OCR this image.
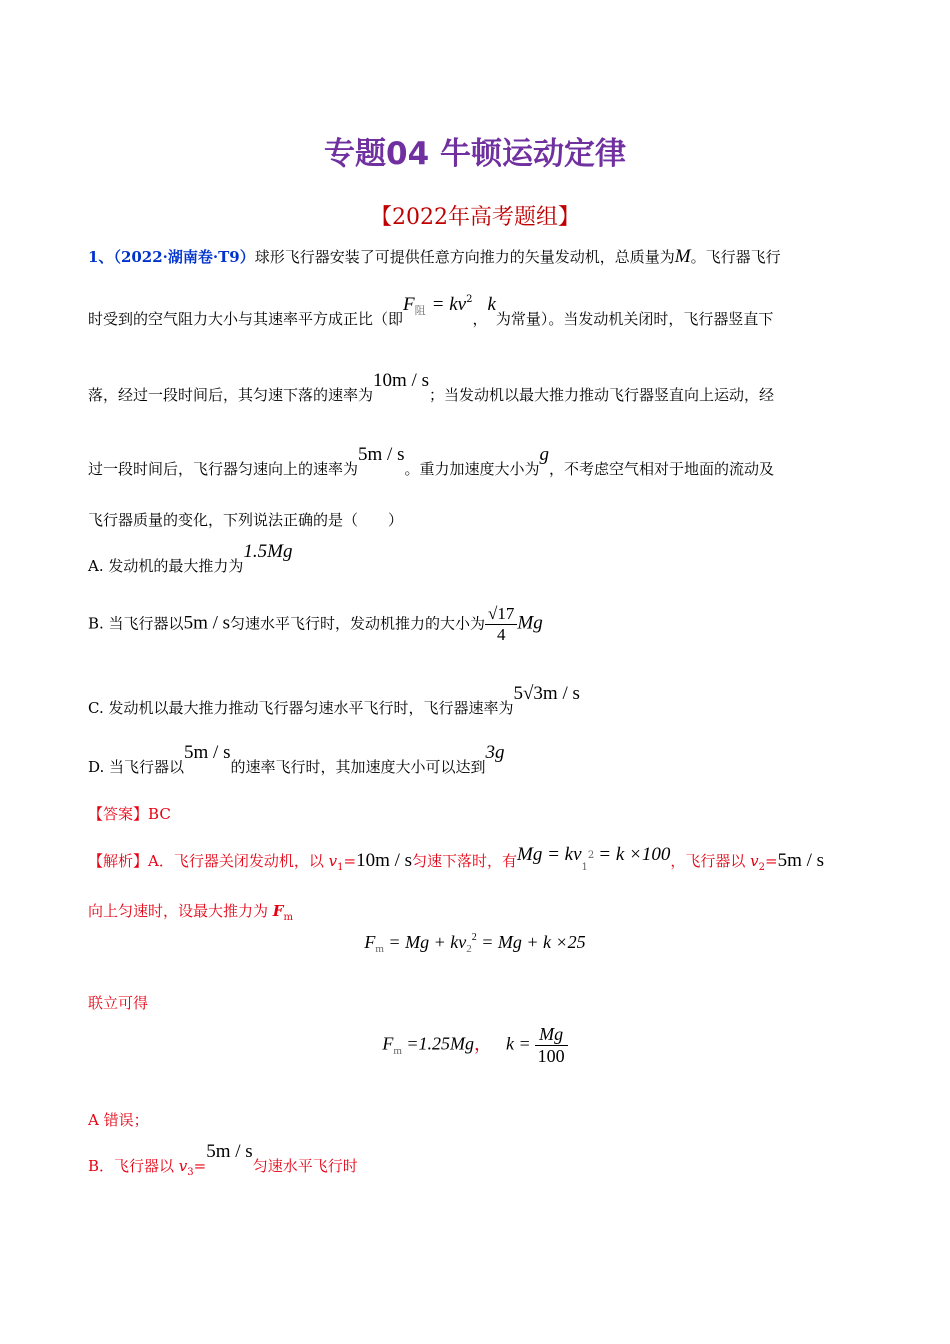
专题04 牛顿运动定律
【2022年高考题组】
1、（2022·湖南卷·T9）球形飞行器安装了可提供任意方向推力的矢量发动机，总质量为M。飞行器飞行
时受到的空气阻力大小与其速率平方成正比（即$F_阻 = kv^2$，k为常量）。当发动机关闭时，飞行器竖直下
落，经过一段时间后，其匀速下落的速率为10m / s；当发动机以最大推力推动飞行器竖直向上运动，经
过一段时间后，飞行器匀速向上的速率为5m / s。重力加速度大小为g，不考虑空气相对于地面的流动及
飞行器质量的变化，下列说法正确的是（　　）
A. 发动机的最大推力为1.5Mg
B. 当飞行器以5m / s匀速水平飞行时，发动机推力的大小为 $\frac{√17}{4}$ Mg
C. 发动机以最大推力推动飞行器匀速水平飞行时，飞行器速率为5√3m / s
D. 当飞行器以5m / s的速率飞行时，其加速度大小可以达到3g
【答案】BC
【解析】A．飞行器关闭发动机，以 $v_1=10m / s$匀速下落时，有$Mg = kv_1^2 = k \times 100$，飞行器以 $v_2=5m / s$
向上匀速时，设最大推力为 $F_m$
$F_m = Mg + kv_2^2 = Mg + k \times 25$
联立可得
$F_m =1.25Mg$， $k = \frac{Mg}{100}$
A 错误；
B．飞行器以 $v_3=5m / s$匀速水平飞行时
